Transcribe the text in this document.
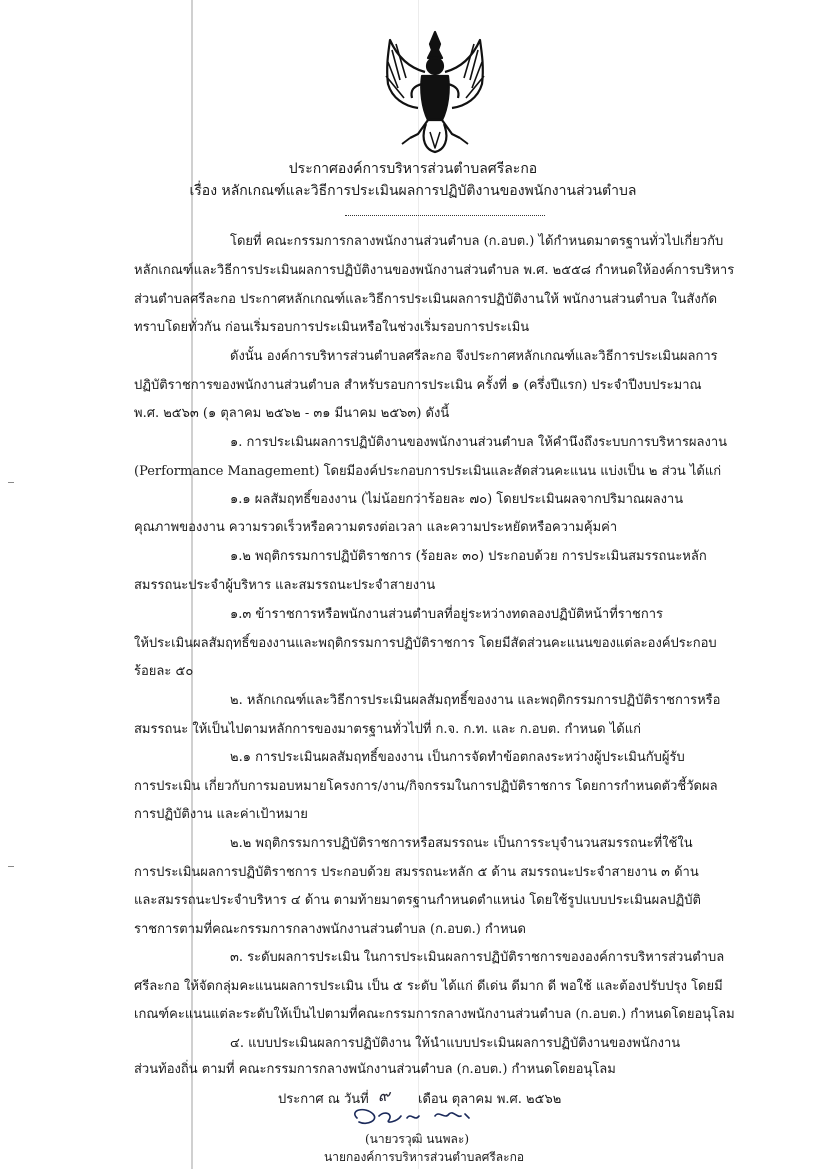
ประกาศองค์การบริหารส่วนตำบลศรีละกอ
เรื่อง หลักเกณฑ์และวิธีการประเมินผลการปฏิบัติงานของพนักงานส่วนตำบล
โดยที่ คณะกรรมการกลางพนักงานส่วนตำบล (ก.อบต.) ได้กำหนดมาตรฐานทั่วไปเกี่ยวกับ
หลักเกณฑ์และวิธีการประเมินผลการปฏิบัติงานของพนักงานส่วนตำบล พ.ศ. ๒๕๕๘ กำหนดให้องค์การบริหาร
ส่วนตำบลศรีละกอ ประกาศหลักเกณฑ์และวิธีการประเมินผลการปฏิบัติงานให้ พนักงานส่วนตำบล ในสังกัด
ทราบโดยทั่วกัน ก่อนเริ่มรอบการประเมินหรือในช่วงเริ่มรอบการประเมิน
ดังนั้น องค์การบริหารส่วนตำบลศรีละกอ จึงประกาศหลักเกณฑ์และวิธีการประเมินผลการ
ปฏิบัติราชการของพนักงานส่วนตำบล สำหรับรอบการประเมิน ครั้งที่ ๑ (ครึ่งปีแรก) ประจำปีงบประมาณ
พ.ศ. ๒๕๖๓ (๑ ตุลาคม ๒๕๖๒ - ๓๑ มีนาคม ๒๕๖๓) ดังนี้
๑. การประเมินผลการปฏิบัติงานของพนักงานส่วนตำบล ให้คำนึงถึงระบบการบริหารผลงาน
(Performance Management) โดยมีองค์ประกอบการประเมินและสัดส่วนคะแนน แบ่งเป็น ๒ ส่วน ได้แก่
๑.๑ ผลสัมฤทธิ์ของงาน (ไม่น้อยกว่าร้อยละ ๗๐) โดยประเมินผลจากปริมาณผลงาน
คุณภาพของงาน ความรวดเร็วหรือความตรงต่อเวลา และความประหยัดหรือความคุ้มค่า
๑.๒ พฤติกรรมการปฏิบัติราชการ (ร้อยละ ๓๐) ประกอบด้วย การประเมินสมรรถนะหลัก
สมรรถนะประจำผู้บริหาร และสมรรถนะประจำสายงาน
๑.๓ ข้าราชการหรือพนักงานส่วนตำบลที่อยู่ระหว่างทดลองปฏิบัติหน้าที่ราชการ
ให้ประเมินผลสัมฤทธิ์ของงานและพฤติกรรมการปฏิบัติราชการ โดยมีสัดส่วนคะแนนของแต่ละองค์ประกอบ
ร้อยละ ๕๐
๒. หลักเกณฑ์และวิธีการประเมินผลสัมฤทธิ์ของงาน และพฤติกรรมการปฏิบัติราชการหรือ
สมรรถนะ ให้เป็นไปตามหลักการของมาตรฐานทั่วไปที่ ก.จ. ก.ท. และ ก.อบต. กำหนด ได้แก่
๒.๑ การประเมินผลสัมฤทธิ์ของงาน เป็นการจัดทำข้อตกลงระหว่างผู้ประเมินกับผู้รับ
การประเมิน เกี่ยวกับการมอบหมายโครงการ/งาน/กิจกรรมในการปฏิบัติราชการ โดยการกำหนดตัวชี้วัดผล
การปฏิบัติงาน และค่าเป้าหมาย
๒.๒ พฤติกรรมการปฏิบัติราชการหรือสมรรถนะ เป็นการระบุจำนวนสมรรถนะที่ใช้ใน
การประเมินผลการปฏิบัติราชการ ประกอบด้วย สมรรถนะหลัก ๕ ด้าน สมรรถนะประจำสายงาน ๓ ด้าน
และสมรรถนะประจำบริหาร ๔ ด้าน ตามท้ายมาตรฐานกำหนดตำแหน่ง โดยใช้รูปแบบประเมินผลปฏิบัติ
ราชการตามที่คณะกรรมการกลางพนักงานส่วนตำบล (ก.อบต.) กำหนด
๓. ระดับผลการประเมิน ในการประเมินผลการปฏิบัติราชการขององค์การบริหารส่วนตำบล
ศรีละกอ ให้จัดกลุ่มคะแนนผลการประเมิน เป็น ๕ ระดับ ได้แก่ ดีเด่น ดีมาก ดี พอใช้ และต้องปรับปรุง โดยมี
เกณฑ์คะแนนแต่ละระดับให้เป็นไปตามที่คณะกรรมการกลางพนักงานส่วนตำบล (ก.อบต.) กำหนดโดยอนุโลม
๔. แบบประเมินผลการปฏิบัติงาน ให้นำแบบประเมินผลการปฏิบัติงานของพนักงาน
ส่วนท้องถิ่น ตามที่ คณะกรรมการกลางพนักงานส่วนตำบล (ก.อบต.) กำหนดโดยอนุโลม
ประกาศ ณ วันที่ ๙ เดือน ตุลาคม พ.ศ. ๒๕๖๒
(นายวรวุฒิ นนพละ)
นายกองค์การบริหารส่วนตำบลศรีละกอ
